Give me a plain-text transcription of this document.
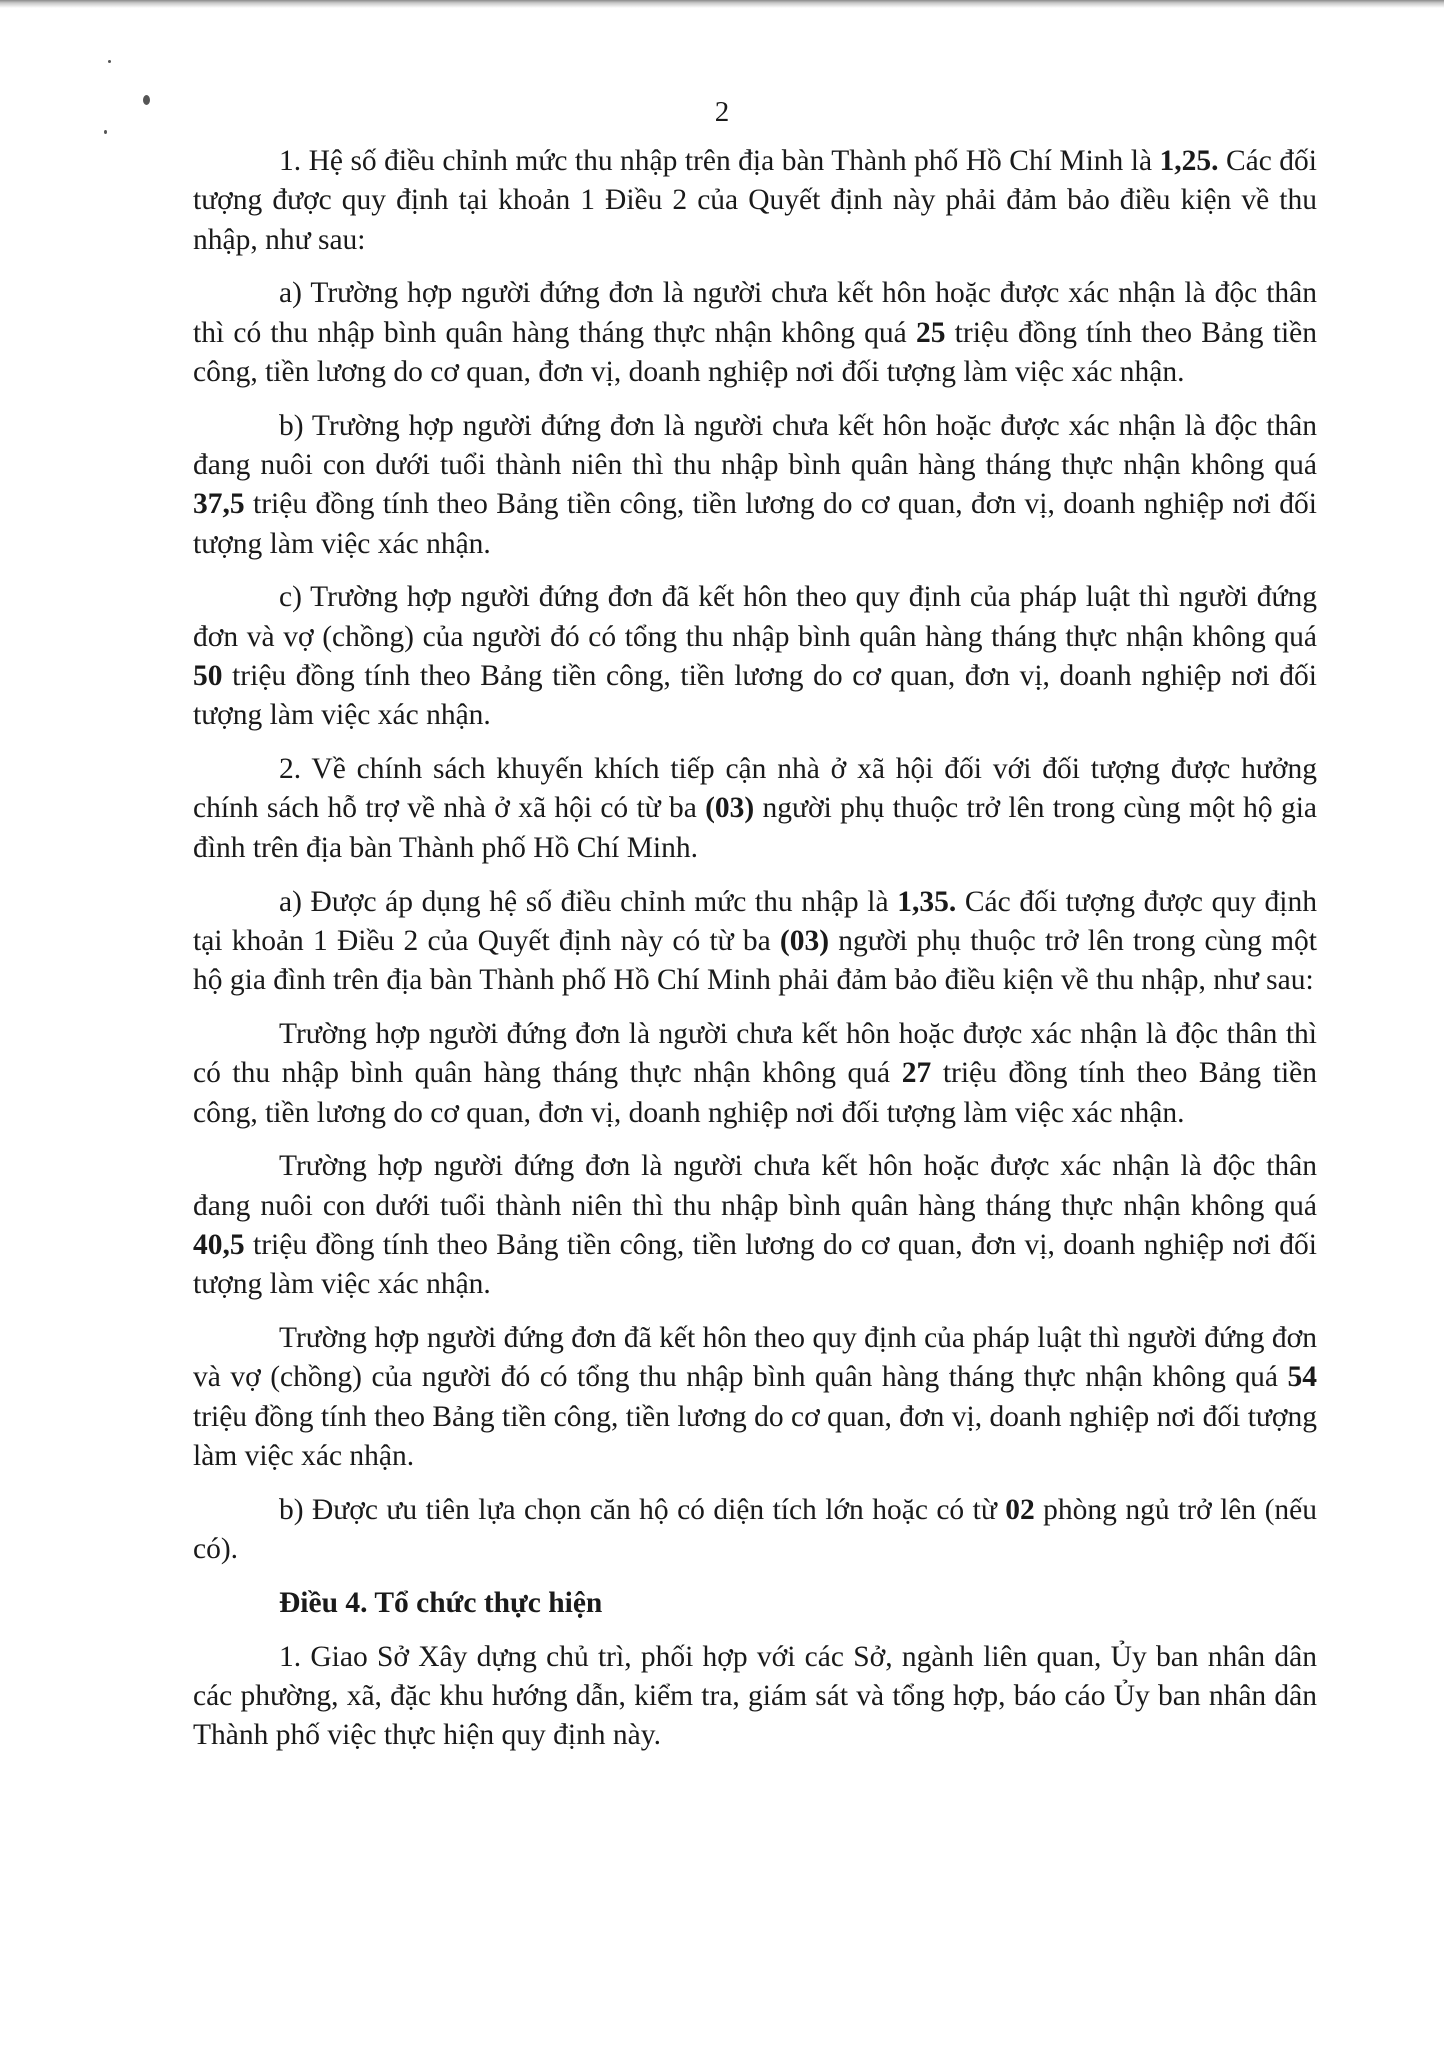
2

1. Hệ số điều chỉnh mức thu nhập trên địa bàn Thành phố Hồ Chí Minh là 1,25. Các đối tượng được quy định tại khoản 1 Điều 2 của Quyết định này phải đảm bảo điều kiện về thu nhập, như sau:

a) Trường hợp người đứng đơn là người chưa kết hôn hoặc được xác nhận là độc thân thì có thu nhập bình quân hàng tháng thực nhận không quá 25 triệu đồng tính theo Bảng tiền công, tiền lương do cơ quan, đơn vị, doanh nghiệp nơi đối tượng làm việc xác nhận.

b) Trường hợp người đứng đơn là người chưa kết hôn hoặc được xác nhận là độc thân đang nuôi con dưới tuổi thành niên thì thu nhập bình quân hàng tháng thực nhận không quá 37,5 triệu đồng tính theo Bảng tiền công, tiền lương do cơ quan, đơn vị, doanh nghiệp nơi đối tượng làm việc xác nhận.

c) Trường hợp người đứng đơn đã kết hôn theo quy định của pháp luật thì người đứng đơn và vợ (chồng) của người đó có tổng thu nhập bình quân hàng tháng thực nhận không quá 50 triệu đồng tính theo Bảng tiền công, tiền lương do cơ quan, đơn vị, doanh nghiệp nơi đối tượng làm việc xác nhận.

2. Về chính sách khuyến khích tiếp cận nhà ở xã hội đối với đối tượng được hưởng chính sách hỗ trợ về nhà ở xã hội có từ ba (03) người phụ thuộc trở lên trong cùng một hộ gia đình trên địa bàn Thành phố Hồ Chí Minh.

a) Được áp dụng hệ số điều chỉnh mức thu nhập là 1,35. Các đối tượng được quy định tại khoản 1 Điều 2 của Quyết định này có từ ba (03) người phụ thuộc trở lên trong cùng một hộ gia đình trên địa bàn Thành phố Hồ Chí Minh phải đảm bảo điều kiện về thu nhập, như sau:

Trường hợp người đứng đơn là người chưa kết hôn hoặc được xác nhận là độc thân thì có thu nhập bình quân hàng tháng thực nhận không quá 27 triệu đồng tính theo Bảng tiền công, tiền lương do cơ quan, đơn vị, doanh nghiệp nơi đối tượng làm việc xác nhận.

Trường hợp người đứng đơn là người chưa kết hôn hoặc được xác nhận là độc thân đang nuôi con dưới tuổi thành niên thì thu nhập bình quân hàng tháng thực nhận không quá 40,5 triệu đồng tính theo Bảng tiền công, tiền lương do cơ quan, đơn vị, doanh nghiệp nơi đối tượng làm việc xác nhận.

Trường hợp người đứng đơn đã kết hôn theo quy định của pháp luật thì người đứng đơn và vợ (chồng) của người đó có tổng thu nhập bình quân hàng tháng thực nhận không quá 54 triệu đồng tính theo Bảng tiền công, tiền lương do cơ quan, đơn vị, doanh nghiệp nơi đối tượng làm việc xác nhận.

b) Được ưu tiên lựa chọn căn hộ có diện tích lớn hoặc có từ 02 phòng ngủ trở lên (nếu có).

Điều 4. Tổ chức thực hiện

1. Giao Sở Xây dựng chủ trì, phối hợp với các Sở, ngành liên quan, Ủy ban nhân dân các phường, xã, đặc khu hướng dẫn, kiểm tra, giám sát và tổng hợp, báo cáo Ủy ban nhân dân Thành phố việc thực hiện quy định này.
